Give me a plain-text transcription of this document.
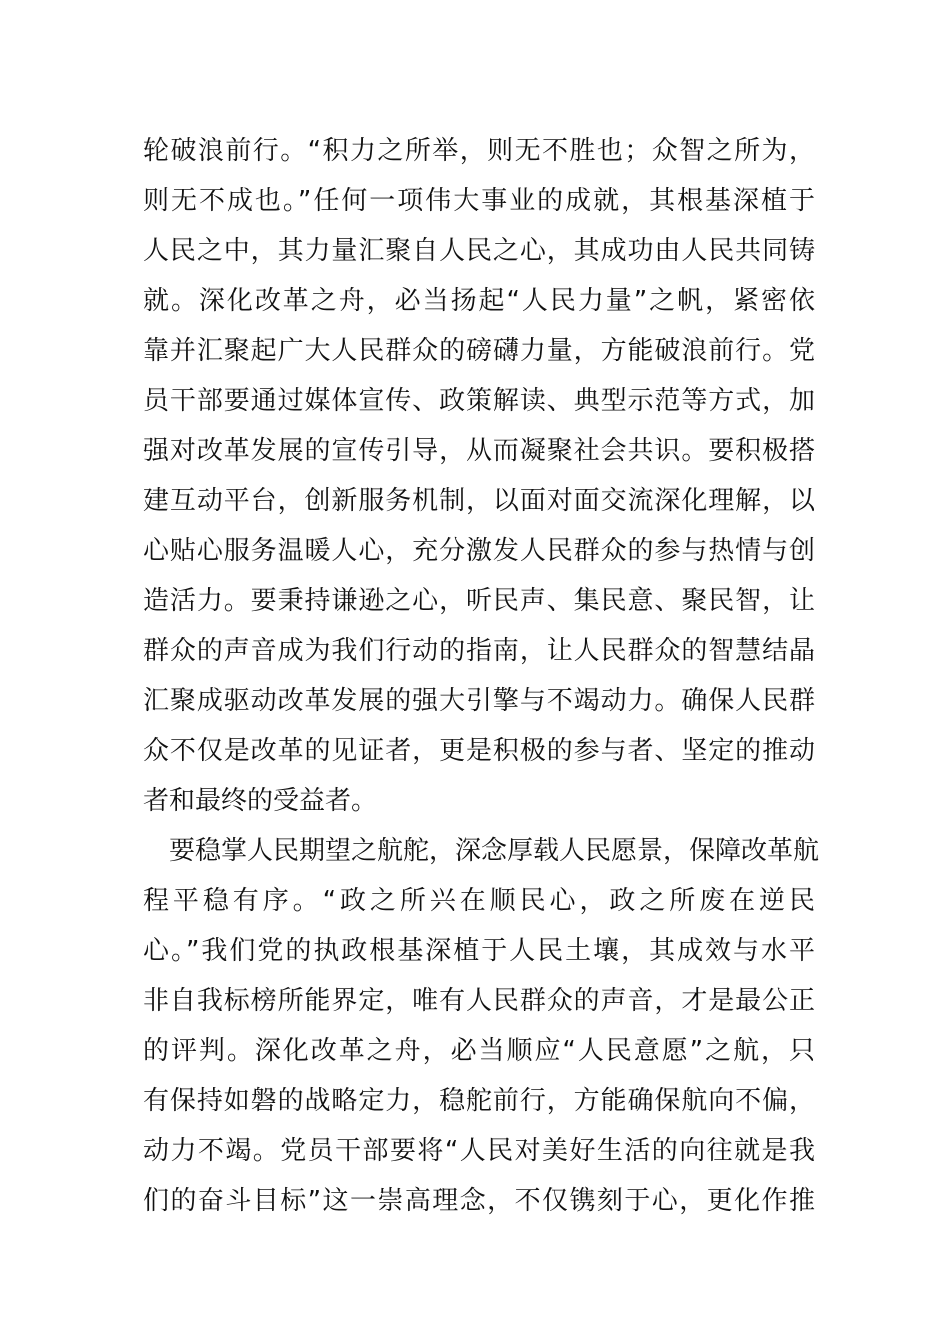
轮破浪前行。“积力之所举，则无不胜也；众智之所为，
则无不成也。”任何一项伟大事业的成就，其根基深植于
人民之中，其力量汇聚自人民之心，其成功由人民共同铸
就。深化改革之舟，必当扬起“人民力量”之帆，紧密依
靠并汇聚起广大人民群众的磅礴力量，方能破浪前行。党
员干部要通过媒体宣传、政策解读、典型示范等方式，加
强对改革发展的宣传引导，从而凝聚社会共识。要积极搭
建互动平台，创新服务机制，以面对面交流深化理解，以
心贴心服务温暖人心，充分激发人民群众的参与热情与创
造活力。要秉持谦逊之心，听民声、集民意、聚民智，让
群众的声音成为我们行动的指南，让人民群众的智慧结晶
汇聚成驱动改革发展的强大引擎与不竭动力。确保人民群
众不仅是改革的见证者，更是积极的参与者、坚定的推动
者和最终的受益者。
要稳掌人民期望之航舵，深念厚载人民愿景，保障改革航
程平稳有序。“政之所兴在顺民心，政之所废在逆民
心。”我们党的执政根基深植于人民土壤，其成效与水平
非自我标榜所能界定，唯有人民群众的声音，才是最公正
的评判。深化改革之舟，必当顺应“人民意愿”之航，只
有保持如磐的战略定力，稳舵前行，方能确保航向不偏，
动力不竭。党员干部要将“人民对美好生活的向往就是我
们的奋斗目标”这一崇高理念，不仅镌刻于心，更化作推
